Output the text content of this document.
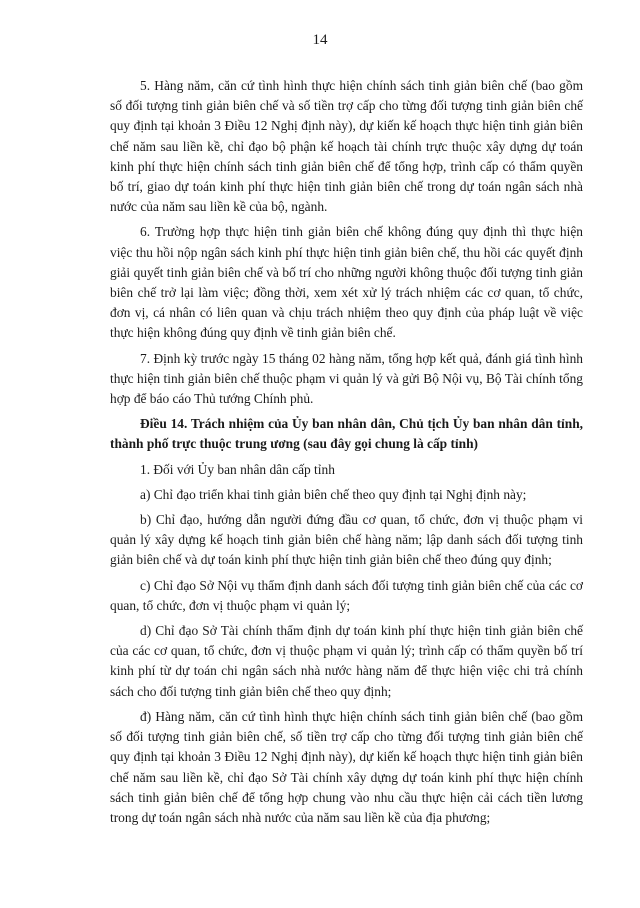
14

5. Hàng năm, căn cứ tình hình thực hiện chính sách tinh giản biên chế (bao gồm số đối tượng tinh giản biên chế và số tiền trợ cấp cho từng đối tượng tinh giản biên chế quy định tại khoản 3 Điều 12 Nghị định này), dự kiến kế hoạch thực hiện tinh giản biên chế năm sau liền kề, chỉ đạo bộ phận kế hoạch tài chính trực thuộc xây dựng dự toán kinh phí thực hiện chính sách tinh giản biên chế để tổng hợp, trình cấp có thẩm quyền bố trí, giao dự toán kinh phí thực hiện tinh giản biên chế trong dự toán ngân sách nhà nước của năm sau liền kề của bộ, ngành.

6. Trường hợp thực hiện tinh giản biên chế không đúng quy định thì thực hiện việc thu hồi nộp ngân sách kinh phí thực hiện tinh giản biên chế, thu hồi các quyết định giải quyết tinh giản biên chế và bố trí cho những người không thuộc đối tượng tinh giản biên chế trở lại làm việc; đồng thời, xem xét xử lý trách nhiệm các cơ quan, tổ chức, đơn vị, cá nhân có liên quan và chịu trách nhiệm theo quy định của pháp luật về việc thực hiện không đúng quy định về tinh giản biên chế.

7. Định kỳ trước ngày 15 tháng 02 hàng năm, tổng hợp kết quả, đánh giá tình hình thực hiện tinh giản biên chế thuộc phạm vi quản lý và gửi Bộ Nội vụ, Bộ Tài chính tổng hợp để báo cáo Thủ tướng Chính phủ.

Điều 14. Trách nhiệm của Ủy ban nhân dân, Chủ tịch Ủy ban nhân dân tỉnh, thành phố trực thuộc trung ương (sau đây gọi chung là cấp tỉnh)

1. Đối với Ủy ban nhân dân cấp tỉnh

a) Chỉ đạo triển khai tinh giản biên chế theo quy định tại Nghị định này;

b) Chỉ đạo, hướng dẫn người đứng đầu cơ quan, tổ chức, đơn vị thuộc phạm vi quản lý xây dựng kế hoạch tinh giản biên chế hàng năm; lập danh sách đối tượng tinh giản biên chế và dự toán kinh phí thực hiện tinh giản biên chế theo đúng quy định;

c) Chỉ đạo Sở Nội vụ thẩm định danh sách đối tượng tinh giản biên chế của các cơ quan, tổ chức, đơn vị thuộc phạm vi quản lý;

d) Chỉ đạo Sở Tài chính thẩm định dự toán kinh phí thực hiện tinh giản biên chế của các cơ quan, tổ chức, đơn vị thuộc phạm vi quản lý; trình cấp có thẩm quyền bố trí kinh phí từ dự toán chi ngân sách nhà nước hàng năm để thực hiện việc chi trả chính sách cho đối tượng tinh giản biên chế theo quy định;

đ) Hàng năm, căn cứ tình hình thực hiện chính sách tinh giản biên chế (bao gồm số đối tượng tinh giản biên chế, số tiền trợ cấp cho từng đối tượng tinh giản biên chế quy định tại khoản 3 Điều 12 Nghị định này), dự kiến kế hoạch thực hiện tinh giản biên chế năm sau liền kề, chỉ đạo Sở Tài chính xây dựng dự toán kinh phí thực hiện chính sách tinh giản biên chế để tổng hợp chung vào nhu cầu thực hiện cải cách tiền lương trong dự toán ngân sách nhà nước của năm sau liền kề của địa phương;
